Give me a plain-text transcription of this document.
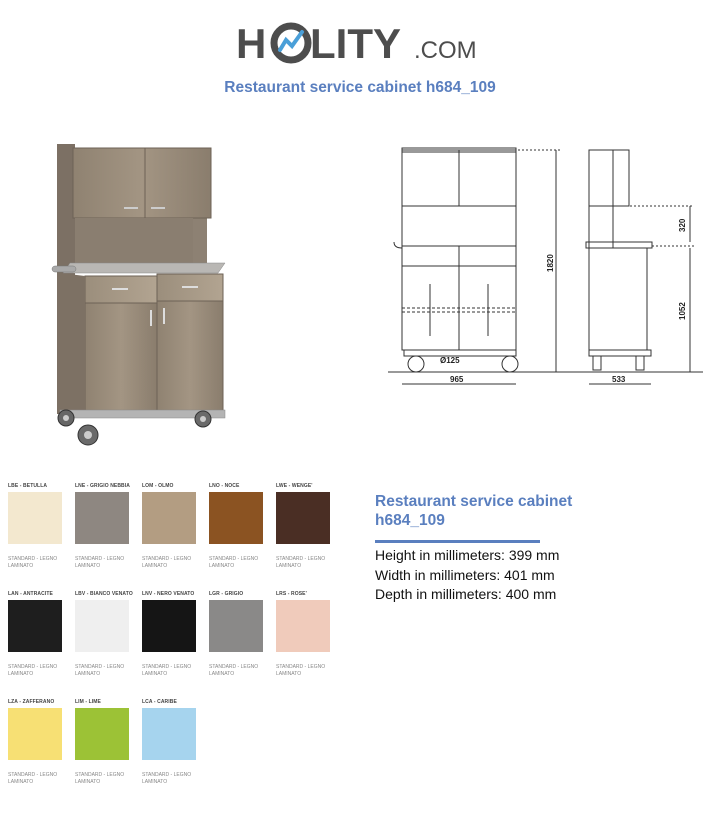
H LITY .COM
Restaurant service cabinet h684_109
1820
320
1052
Ø125
965	533
LBE - BETULLA
STANDARD - LEGNO LAMINATO
LNE - GRIGIO NEBBIA
STANDARD - LEGNO LAMINATO
LOM - OLMO
STANDARD - LEGNO LAMINATO
LNO - NOCE
STANDARD - LEGNO LAMINATO
LWE - WENGE'
STANDARD - LEGNO LAMINATO
LAN - ANTRACITE
STANDARD - LEGNO LAMINATO
LBV - BIANCO VENATO
STANDARD - LEGNO LAMINATO
LNV - NERO VENATO
STANDARD - LEGNO LAMINATO
LGR - GRIGIO
STANDARD - LEGNO LAMINATO
LRS - ROSE'
STANDARD - LEGNO LAMINATO
LZA - ZAFFERANO
STANDARD - LEGNO LAMINATO
LIM - LIME
STANDARD - LEGNO LAMINATO
LCA - CARIBE
STANDARD - LEGNO LAMINATO
Restaurant service cabinet h684_109
Height in millimeters: 399 mm
Width in millimeters: 401 mm
Depth in millimeters: 400 mm
